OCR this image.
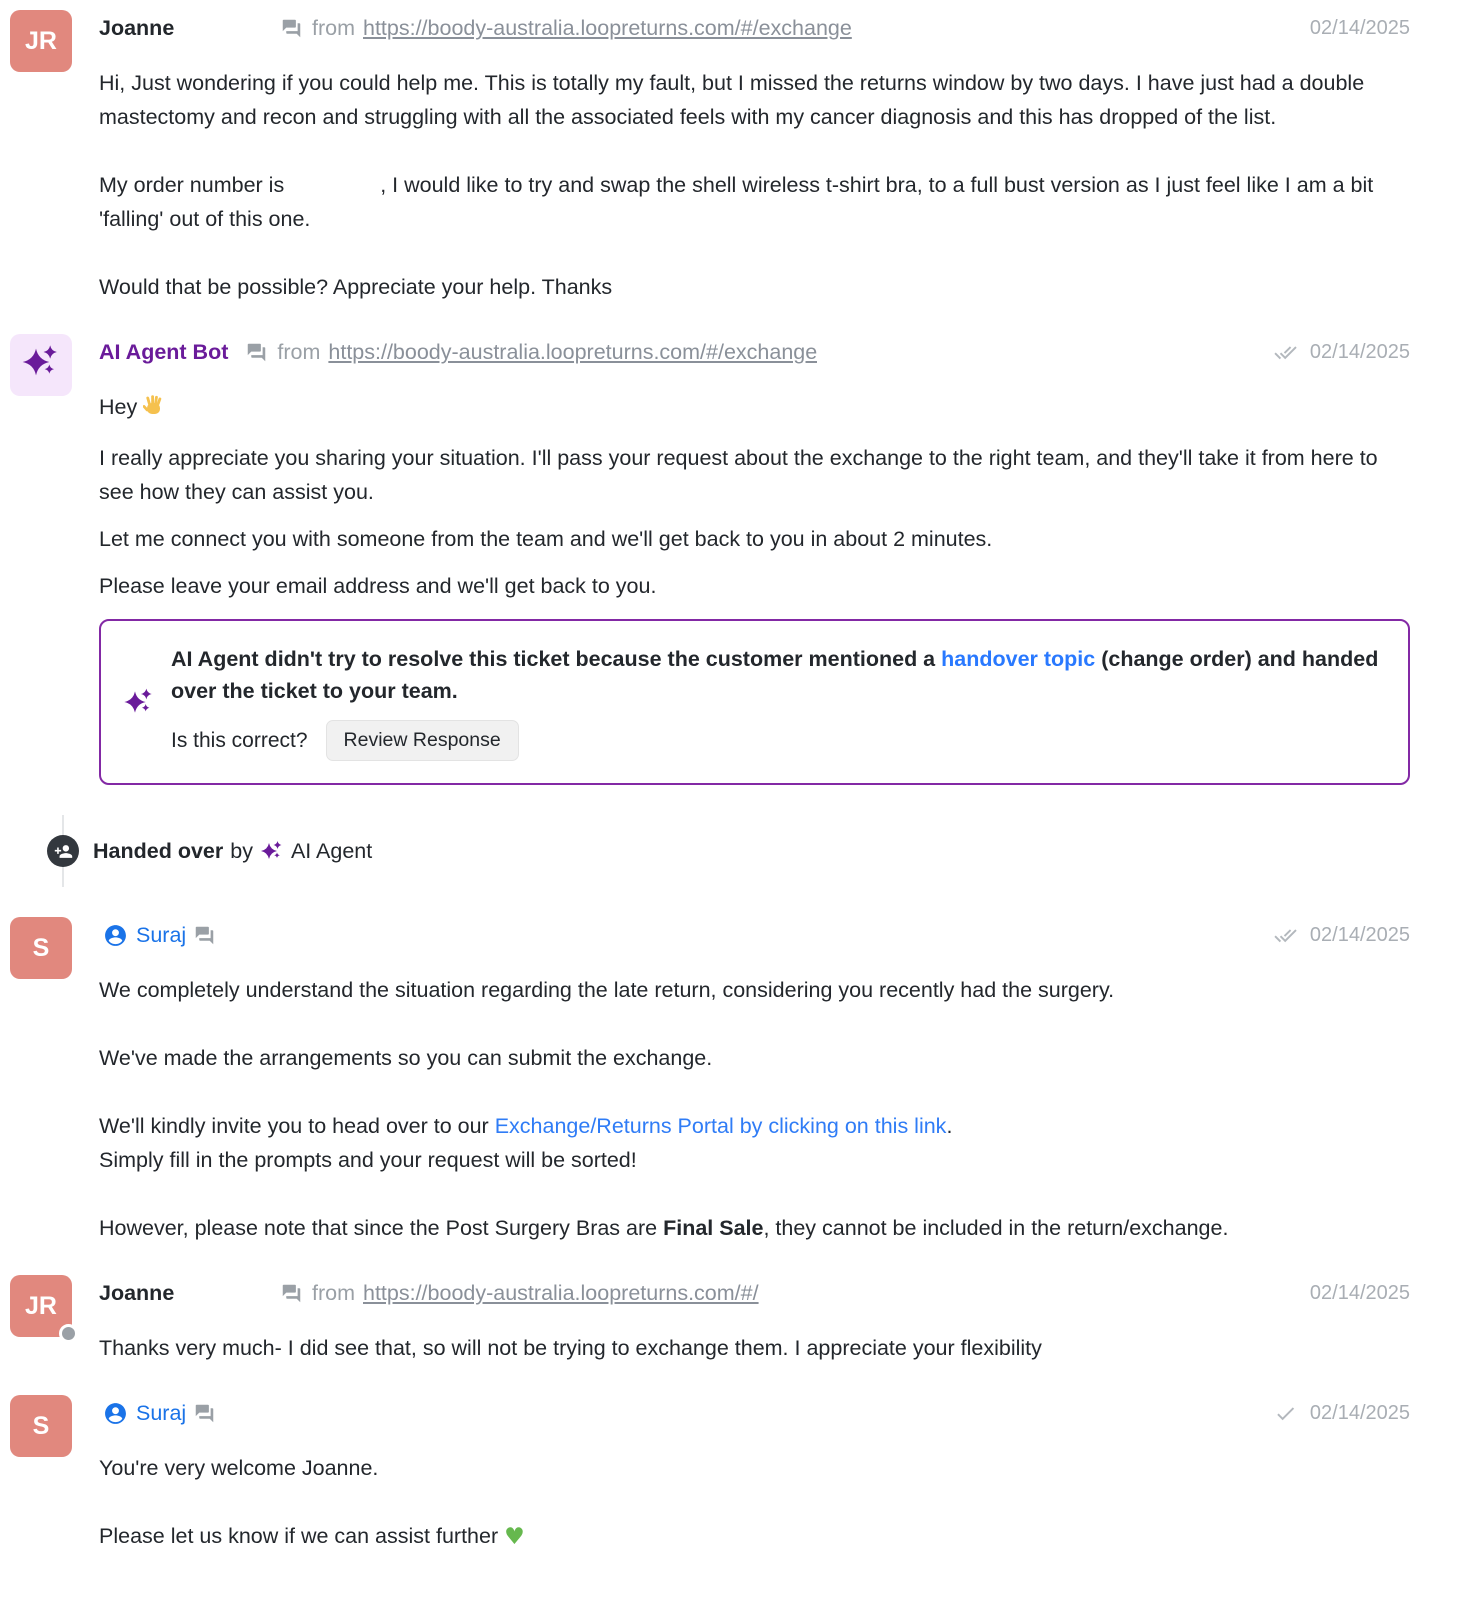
JR Joanne	from https://boody-australia.loopreturns.com/#/exchange	02/14/2025

Hi, Just wondering if you could help me. This is totally my fault, but I missed the returns window by two days. I have just had a double mastectomy and recon and struggling with all the associated feels with my cancer diagnosis and this has dropped of the list.

My order number is	, I would like to try and swap the shell wireless t-shirt bra, to a full bust version as I just feel like I am a bit 'falling' out of this one.

Would that be possible? Appreciate your help. Thanks

AI Agent Bot from https://boody-australia.loopreturns.com/#/exchange	02/14/2025

Hey

I really appreciate you sharing your situation. I'll pass your request about the exchange to the right team, and they'll take it from here to see how they can assist you.

Let me connect you with someone from the team and we'll get back to you in about 2 minutes.

Please leave your email address and we'll get back to you.

AI Agent didn't try to resolve this ticket because the customer mentioned a handover topic (change order) and handed over the ticket to your team.

Is this correct?	Review Response
Handed over by AI Agent
S	Suraj	02/14/2025

We completely understand the situation regarding the late return, considering you recently had the surgery.

We've made the arrangements so you can submit the exchange.

We'll kindly invite you to head over to our Exchange/Returns Portal by clicking on this link.
Simply fill in the prompts and your request will be sorted!

However, please note that since the Post Surgery Bras are Final Sale, they cannot be included in the return/exchange.

JR Joanne	from https://boody-australia.loopreturns.com/#/	02/14/2025

Thanks very much- I did see that, so will not be trying to exchange them. I appreciate your flexibility

S	Suraj	02/14/2025

You're very welcome Joanne.

Please let us know if we can assist further ♥
